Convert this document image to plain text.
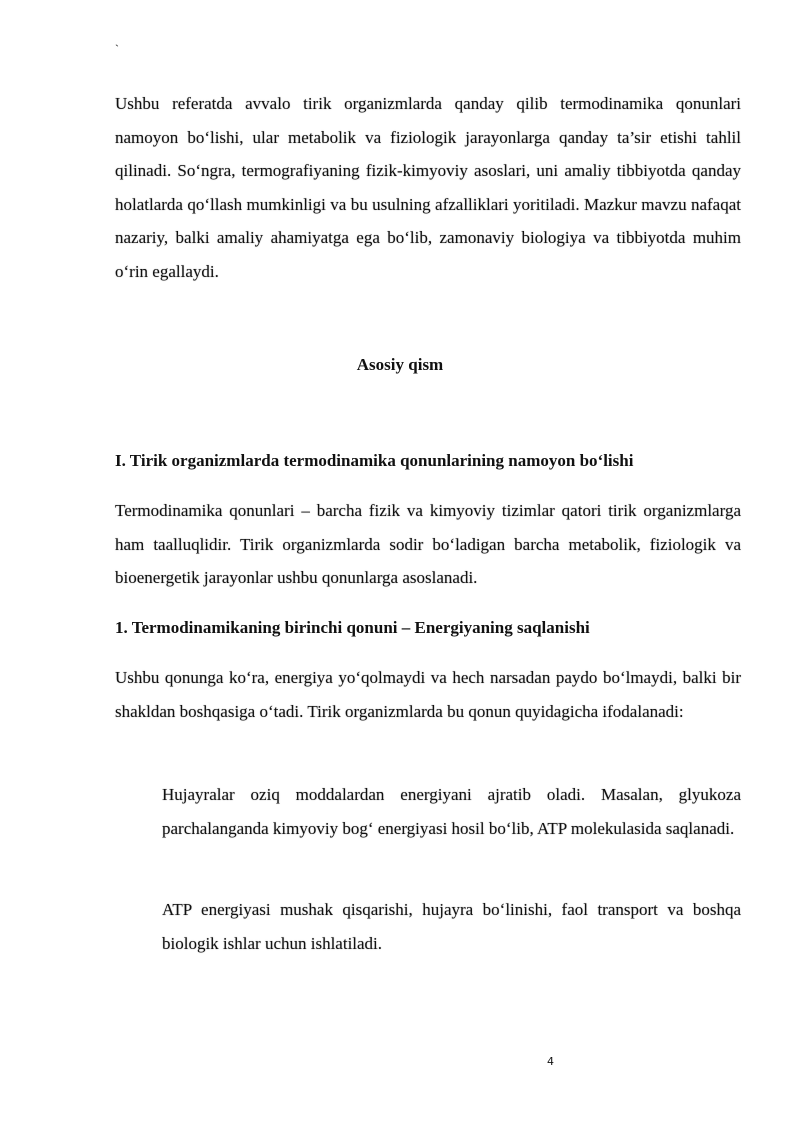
`

Ushbu referatda avvalo tirik organizmlarda qanday qilib termodinamika qonunlari namoyon bo‘lishi, ular metabolik va fiziologik jarayonlarga qanday ta’sir etishi tahlil qilinadi. So‘ngra, termografiyaning fizik-kimyoviy asoslari, uni amaliy tibbiyotda qanday holatlarda qo‘llash mumkinligi va bu usulning afzalliklari yoritiladi. Mazkur mavzu nafaqat nazariy, balki amaliy ahamiyatga ega bo‘lib, zamonaviy biologiya va tibbiyotda muhim o‘rin egallaydi.

Asosiy qism
I. Tirik organizmlarda termodinamika qonunlarining namoyon bo‘lishi

Termodinamika qonunlari – barcha fizik va kimyoviy tizimlar qatori tirik organizmlarga ham taalluqlidir. Tirik organizmlarda sodir bo‘ladigan barcha metabolik, fiziologik va bioenergetik jarayonlar ushbu qonunlarga asoslanadi.

1. Termodinamikaning birinchi qonuni – Energiyaning saqlanishi

Ushbu qonunga ko‘ra, energiya yo‘qolmaydi va hech narsadan paydo bo‘lmaydi, balki bir shakldan boshqasiga o‘tadi. Tirik organizmlarda bu qonun quyidagicha ifodalanadi:

Hujayralar oziq moddalardan energiyani ajratib oladi. Masalan, glyukoza parchalanganda kimyoviy bog‘ energiyasi hosil bo‘lib, ATP molekulasida saqlanadi.

ATP energiyasi mushak qisqarishi, hujayra bo‘linishi, faol transport va boshqa biologik ishlar uchun ishlatiladi.

4
